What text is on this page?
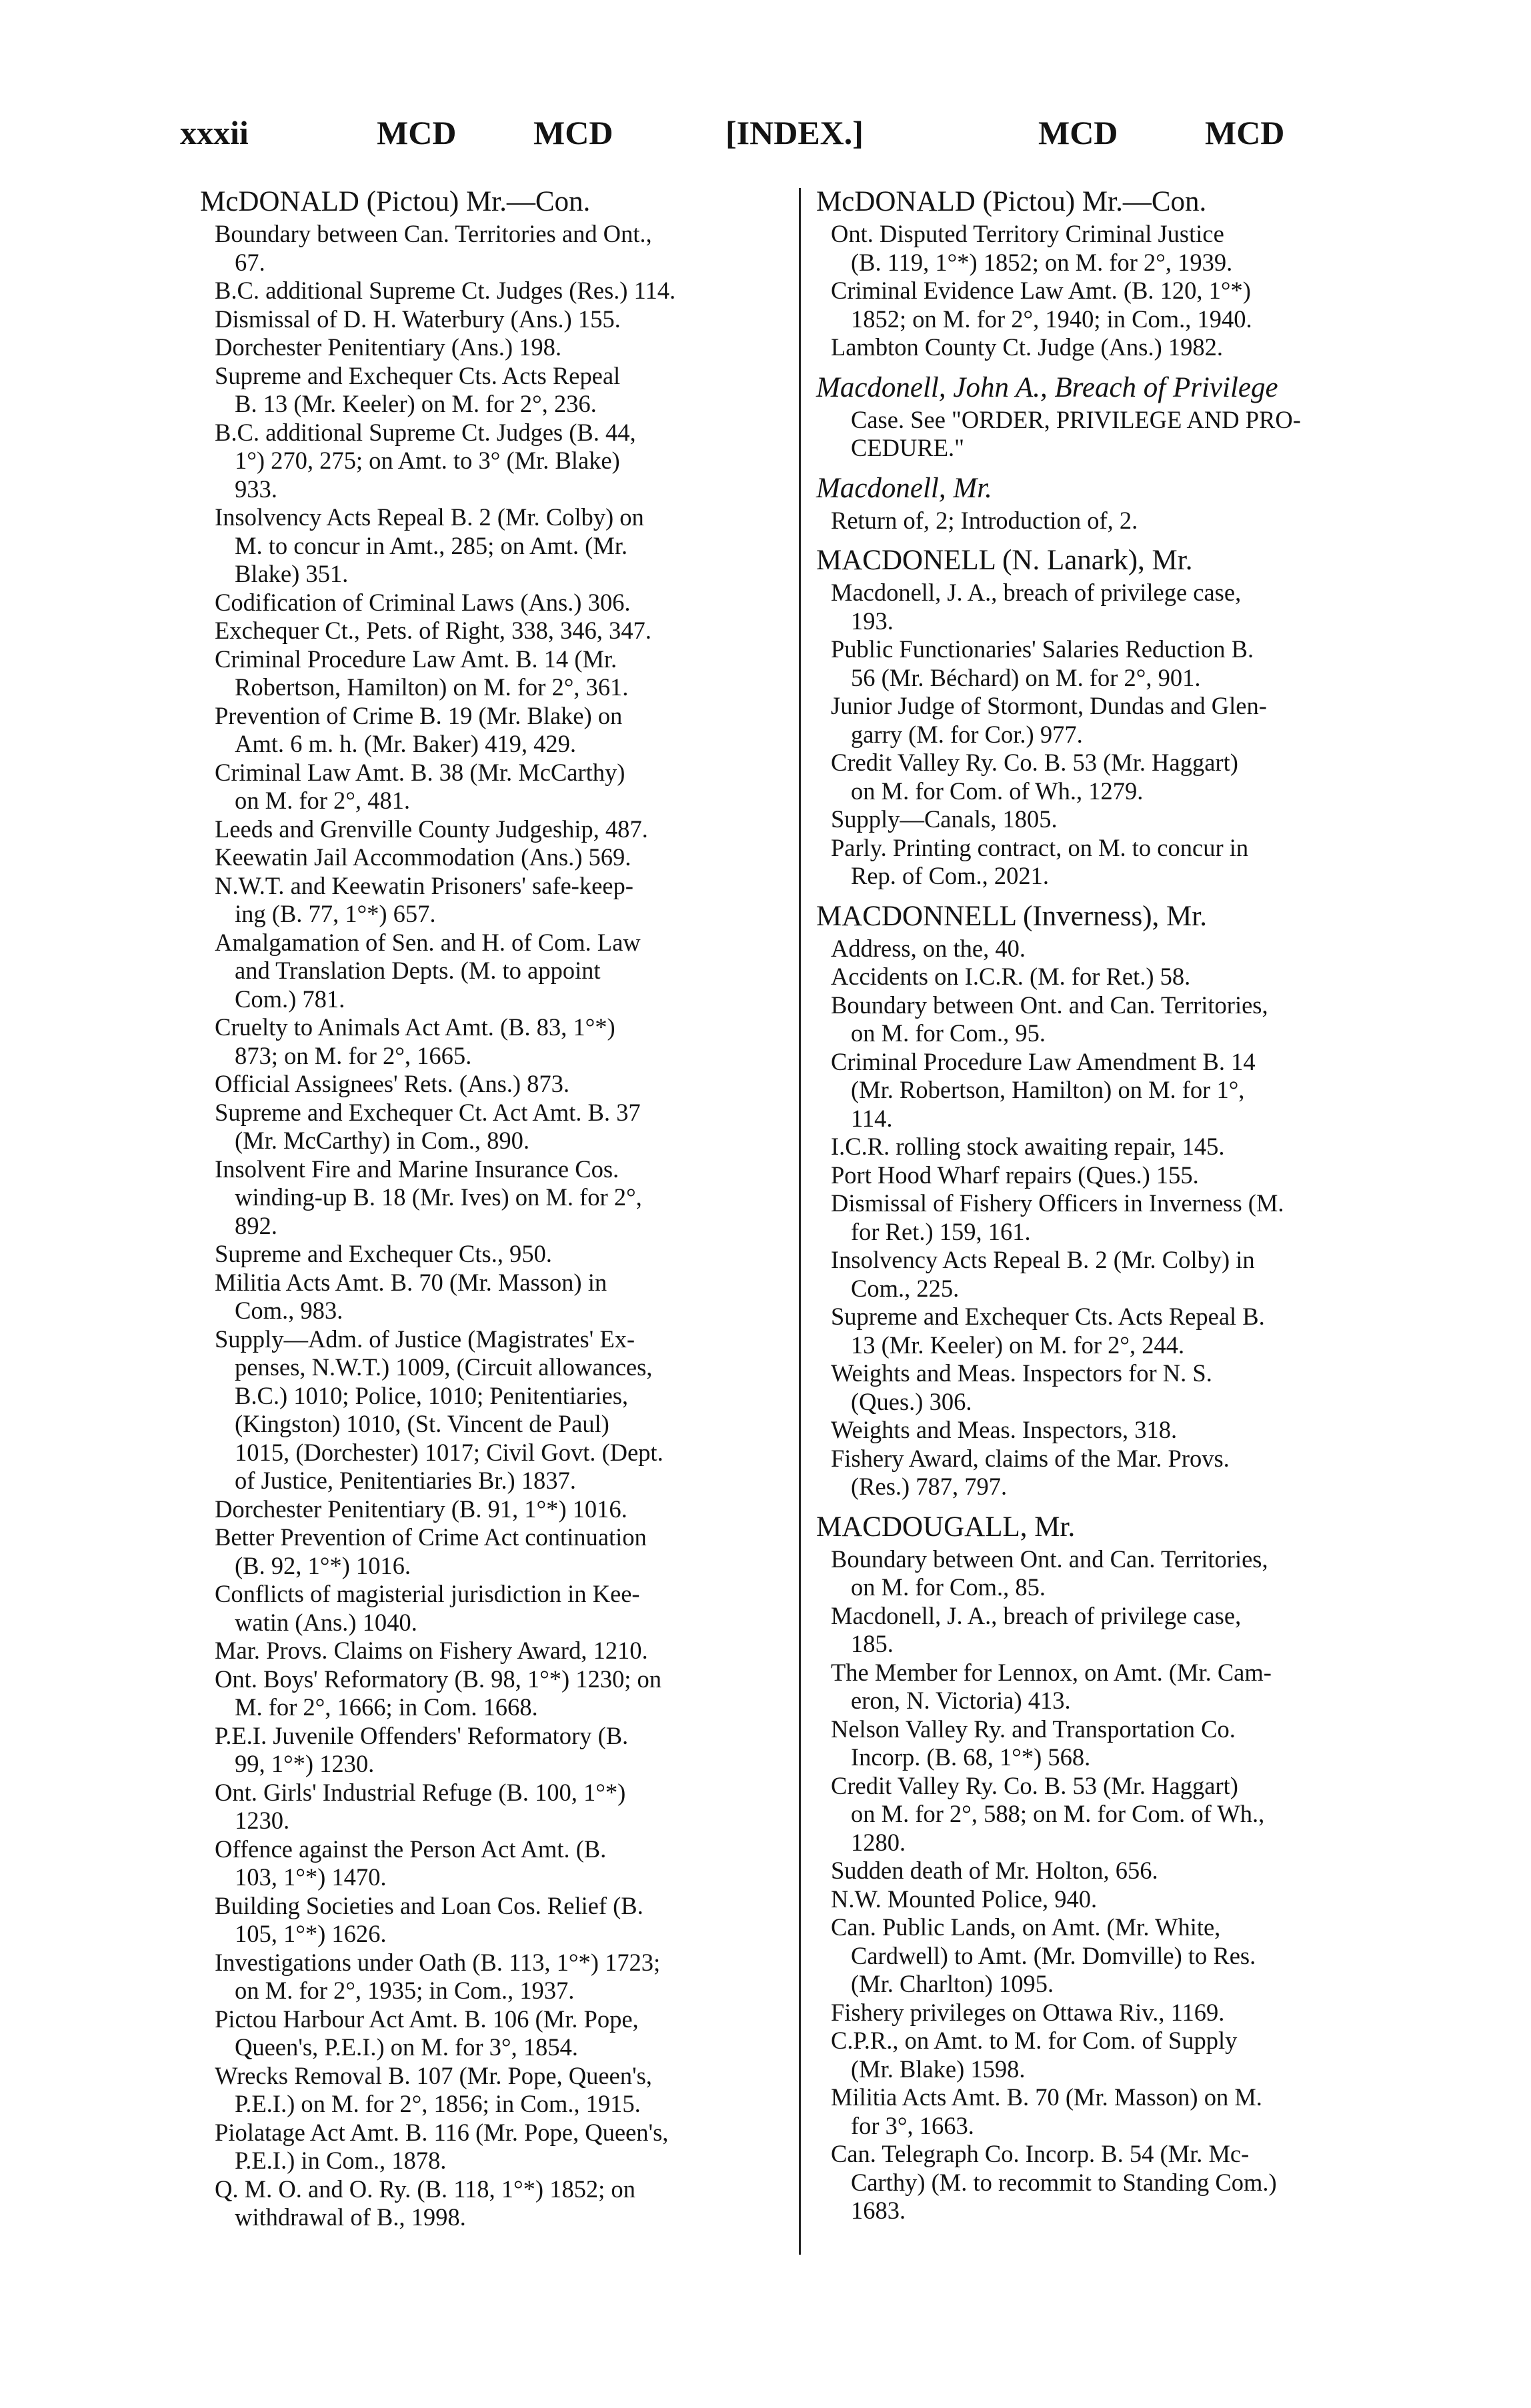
xxxii	MCD MCD	[INDEX.]	MCD	MCD
McDONALD (Pictou) Mr.—Con.
Boundary between Can. Territories and Ont.,
67.
B.C. additional Supreme Ct. Judges (Res.) 114.
Dismissal of D. H. Waterbury (Ans.) 155.
Dorchester Penitentiary (Ans.) 198.
Supreme and Exchequer Cts. Acts Repeal
B. 13 (Mr. Keeler) on M. for 2°, 236.
B.C. additional Supreme Ct. Judges (B. 44,
1°) 270, 275; on Amt. to 3° (Mr. Blake)
933.
Insolvency Acts Repeal B. 2 (Mr. Colby) on
M. to concur in Amt., 285; on Amt. (Mr.
Blake) 351.
Codification of Criminal Laws (Ans.) 306.
Exchequer Ct., Pets. of Right, 338, 346, 347.
Criminal Procedure Law Amt. B. 14 (Mr.
Robertson, Hamilton) on M. for 2°, 361.
Prevention of Crime B. 19 (Mr. Blake) on
Amt. 6 m. h. (Mr. Baker) 419, 429.
Criminal Law Amt. B. 38 (Mr. McCarthy)
on M. for 2°, 481.
Leeds and Grenville County Judgeship, 487.
Keewatin Jail Accommodation (Ans.) 569.
N.W.T. and Keewatin Prisoners' safe-keep-
ing (B. 77, 1°*) 657.
Amalgamation of Sen. and H. of Com. Law
and Translation Depts. (M. to appoint
Com.) 781.
Cruelty to Animals Act Amt. (B. 83, 1°*)
873; on M. for 2°, 1665.
Official Assignees' Rets. (Ans.) 873.
Supreme and Exchequer Ct. Act Amt. B. 37
(Mr. McCarthy) in Com., 890.
Insolvent Fire and Marine Insurance Cos.
winding-up B. 18 (Mr. Ives) on M. for 2°,
892.
Supreme and Exchequer Cts., 950.
Militia Acts Amt. B. 70 (Mr. Masson) in
Com., 983.
Supply—Adm. of Justice (Magistrates' Ex-
penses, N.W.T.) 1009, (Circuit allowances,
B.C.) 1010; Police, 1010; Penitentiaries,
(Kingston) 1010, (St. Vincent de Paul)
1015, (Dorchester) 1017; Civil Govt. (Dept.
of Justice, Penitentiaries Br.) 1837.
Dorchester Penitentiary (B. 91, 1°*) 1016.
Better Prevention of Crime Act continuation
(B. 92, 1°*) 1016.
Conflicts of magisterial jurisdiction in Kee-
watin (Ans.) 1040.
Mar. Provs. Claims on Fishery Award, 1210.
Ont. Boys' Reformatory (B. 98, 1°*) 1230; on
M. for 2°, 1666; in Com. 1668.
P.E.I. Juvenile Offenders' Reformatory (B.
99, 1°*) 1230.
Ont. Girls' Industrial Refuge (B. 100, 1°*)
1230.
Offence against the Person Act Amt. (B.
103, 1°*) 1470.
Building Societies and Loan Cos. Relief (B.
105, 1°*) 1626.
Investigations under Oath (B. 113, 1°*) 1723;
on M. for 2°, 1935; in Com., 1937.
Pictou Harbour Act Amt. B. 106 (Mr. Pope,
Queen's, P.E.I.) on M. for 3°, 1854.
Wrecks Removal B. 107 (Mr. Pope, Queen's,
P.E.I.) on M. for 2°, 1856; in Com., 1915.
Piolatage Act Amt. B. 116 (Mr. Pope, Queen's,
P.E.I.) in Com., 1878.
Q. M. O. and O. Ry. (B. 118, 1°*) 1852; on
withdrawal of B., 1998.
McDONALD (Pictou) Mr.—Con.
Ont. Disputed Territory Criminal Justice
(B. 119, 1°*) 1852; on M. for 2°, 1939.
Criminal Evidence Law Amt. (B. 120, 1°*)
1852; on M. for 2°, 1940; in Com., 1940.
Lambton County Ct. Judge (Ans.) 1982.
Macdonell, John A., Breach of Privilege
Case. See "ORDER, PRIVILEGE AND PRO-
CEDURE."
Macdonell, Mr.
Return of, 2; Introduction of, 2.
MACDONELL (N. Lanark), Mr.
Macdonell, J. A., breach of privilege case,
193.
Public Functionaries' Salaries Reduction B.
56 (Mr. Béchard) on M. for 2°, 901.
Junior Judge of Stormont, Dundas and Glen-
garry (M. for Cor.) 977.
Credit Valley Ry. Co. B. 53 (Mr. Haggart)
on M. for Com. of Wh., 1279.
Supply—Canals, 1805.
Parly. Printing contract, on M. to concur in
Rep. of Com., 2021.
MACDONNELL (Inverness), Mr.
Address, on the, 40.
Accidents on I.C.R. (M. for Ret.) 58.
Boundary between Ont. and Can. Territories,
on M. for Com., 95.
Criminal Procedure Law Amendment B. 14
(Mr. Robertson, Hamilton) on M. for 1°,
114.
I.C.R. rolling stock awaiting repair, 145.
Port Hood Wharf repairs (Ques.) 155.
Dismissal of Fishery Officers in Inverness (M.
for Ret.) 159, 161.
Insolvency Acts Repeal B. 2 (Mr. Colby) in
Com., 225.
Supreme and Exchequer Cts. Acts Repeal B.
13 (Mr. Keeler) on M. for 2°, 244.
Weights and Meas. Inspectors for N. S.
(Ques.) 306.
Weights and Meas. Inspectors, 318.
Fishery Award, claims of the Mar. Provs.
(Res.) 787, 797.
MACDOUGALL, Mr.
Boundary between Ont. and Can. Territories,
on M. for Com., 85.
Macdonell, J. A., breach of privilege case,
185.
The Member for Lennox, on Amt. (Mr. Cam-
eron, N. Victoria) 413.
Nelson Valley Ry. and Transportation Co.
Incorp. (B. 68, 1°*) 568.
Credit Valley Ry. Co. B. 53 (Mr. Haggart)
on M. for 2°, 588; on M. for Com. of Wh.,
1280.
Sudden death of Mr. Holton, 656.
N.W. Mounted Police, 940.
Can. Public Lands, on Amt. (Mr. White,
Cardwell) to Amt. (Mr. Domville) to Res.
(Mr. Charlton) 1095.
Fishery privileges on Ottawa Riv., 1169.
C.P.R., on Amt. to M. for Com. of Supply
(Mr. Blake) 1598.
Militia Acts Amt. B. 70 (Mr. Masson) on M.
for 3°, 1663.
Can. Telegraph Co. Incorp. B. 54 (Mr. Mc-
Carthy) (M. to recommit to Standing Com.)
1683.
